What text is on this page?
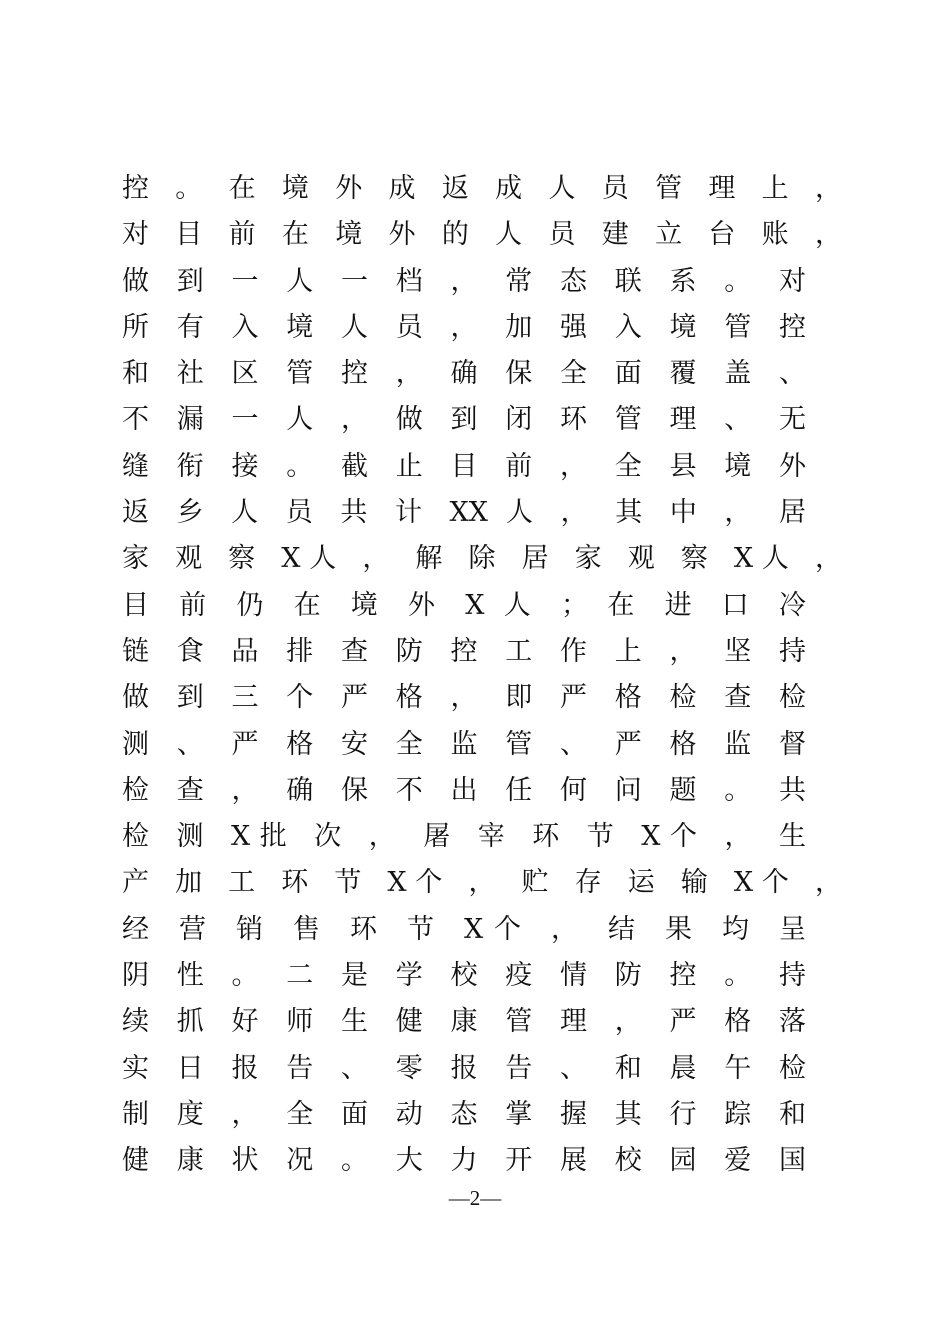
控 。 在 境 外 成 返 成 人 员 管 理 上 ，
对 目 前 在 境 外 的 人 员 建 立 台 账 ，
做 到 一 人 一 档 ， 常 态 联 系 。 对
所 有 入 境 人 员 ， 加 强 入 境 管 控
和 社 区 管 控 ， 确 保 全 面 覆 盖 、
不 漏 一 人 ， 做 到 闭 环 管 理 、 无
缝 衔 接 。 截 止 目 前 ， 全 县 境 外
返 乡 人 员 共 计 XX 人 ， 其 中 ， 居
家 观 察 X人 ， 解 除 居 家 观 察 X人 ，
目 前 仍 在 境 外 X 人 ； 在 进 口 冷
链 食 品 排 查 防 控 工 作 上 ， 坚 持
做 到 三 个 严 格 ， 即 严 格 检 查 检
测 、 严 格 安 全 监 管 、 严 格 监 督
检 查 ， 确 保 不 出 任 何 问 题 。 共
检 测 X批 次 ， 屠 宰 环 节 X个 ， 生
产 加 工 环 节 X个 ， 贮 存 运 输 X个 ，
经 营 销 售 环 节 X个 ， 结 果 均 呈
阴 性 。 二 是 学 校 疫 情 防 控 。 持
续 抓 好 师 生 健 康 管 理 ， 严 格 落
实 日 报 告 、 零 报 告 、 和 晨 午 检
制 度 ， 全 面 动 态 掌 握 其 行 踪 和
健 康 状 况 。 大 力 开 展 校 园 爱 国
—2—
